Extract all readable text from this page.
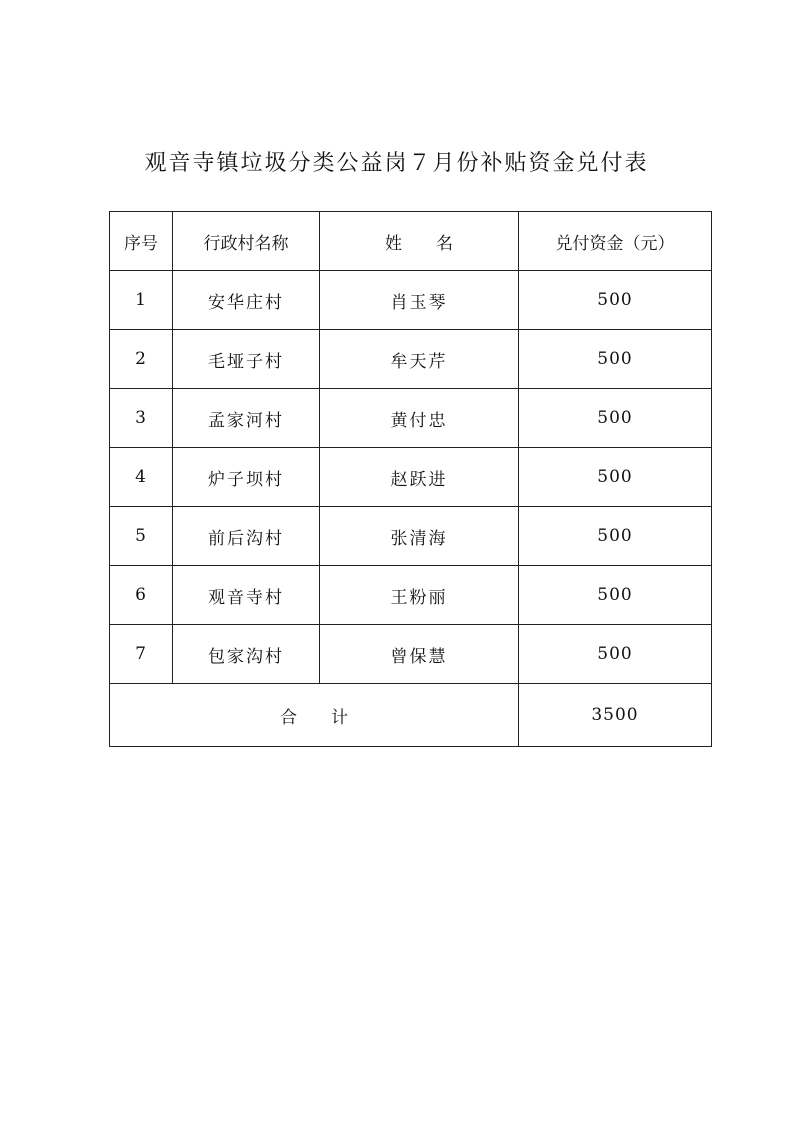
观音寺镇垃圾分类公益岗７月份补贴资金兑付表
序号	行政村名称	姓　　名	兑付资金（元）
1	安华庄村	肖玉琴	500
2	毛垭子村	牟天芹	500
3	孟家河村	黄付忠	500
4	炉子坝村	赵跃进	500
5	前后沟村	张清海	500
6	观音寺村	王粉丽	500
7	包家沟村	曾保慧	500
合　　计			3500
